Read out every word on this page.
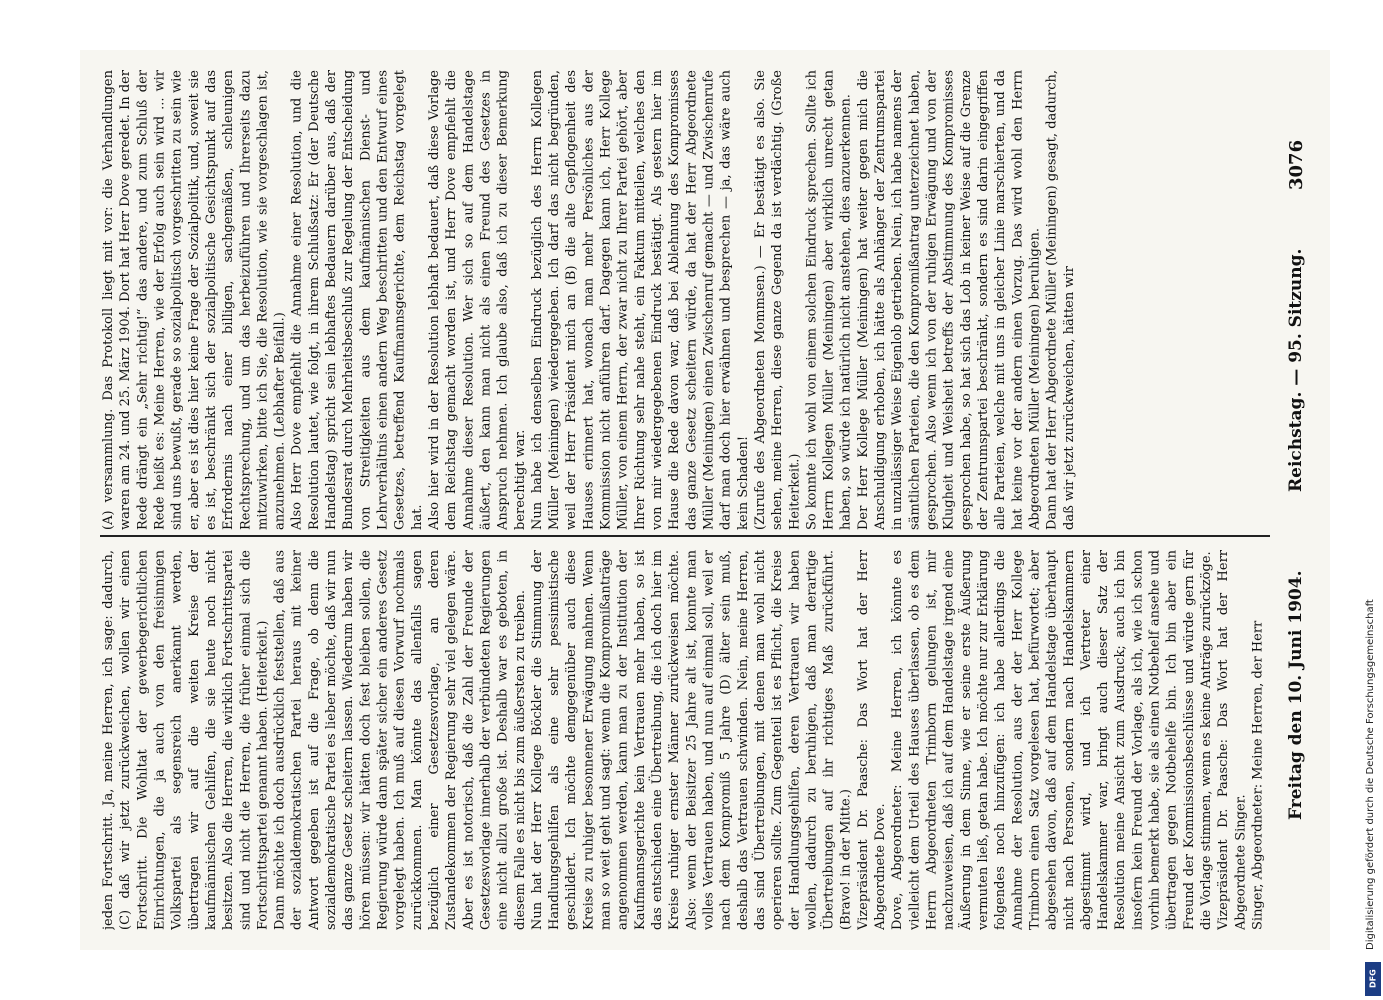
3076
Reichstag. — 95. Sitzung.
Freitag den 10. Juni 1904.
(A) versammlung. Das Protokoll liegt mit vor: die Verhandlungen waren am 24. und 25. März 1904. Dort hat Herr Dove geredet. In der Rede drängt ein „Sehr richtig!“ das andere, und zum Schluß der Rede heißt es: Meine Herren, wie der Erfolg auch sein wird ... wir sind uns bewußt, gerade so sozialpolitisch vorgeschritten zu sein wie er, aber es ist dies hier keine Frage der Sozialpolitik, und, soweit sie es ist, beschränkt sich der sozialpolitische Gesichtspunkt auf das Erfordernis nach einer billigen, sachgemäßen, schleunigen Rechtsprechung, und um das herbeizuführen und Ihrerseits dazu mitzuwirken, bitte ich Sie, die Resolution, wie sie vorgeschlagen ist, anzunehmen. (Lebhafter Beifall.) Also Herr Dove empfiehlt die Annahme einer Resolution, und die Resolution lautet, wie folgt, in ihrem Schlußsatz: Er (der Deutsche Handelstag) spricht sein lebhaftes Bedauern darüber aus, daß der Bundesrat durch Mehrheitsbeschluß zur Regelung der Entscheidung von Streitigkeiten aus dem kaufmännischen Dienst- und Lehrverhältnis einen andern Weg beschritten und den Entwurf eines Gesetzes, betreffend Kaufmannsgerichte, dem Reichstag vorgelegt hat. Also hier wird in der Resolution lebhaft bedauert, daß diese Vorlage dem Reichstag gemacht worden ist, und Herr Dove empfiehlt die Annahme dieser Resolution. Wer sich so auf dem Handelstage äußert, den kann man nicht als einen Freund des Gesetzes in Anspruch nehmen. Ich glaube also, daß ich zu dieser Bemerkung berechtigt war. Nun habe ich denselben Eindruck bezüglich des Herrn Kollegen Müller (Meiningen) wiedergegeben. Ich darf das nicht begründen, weil der Herr Präsident mich an (B) die alte Gepflogenheit des Hauses erinnert hat, wonach man mehr Persönliches aus der Kommission nicht anführen darf. Dagegen kann ich, Herr Kollege Müller, von einem Herrn, der zwar nicht zu Ihrer Partei gehört, aber Ihrer Richtung sehr nahe steht, ein Faktum mitteilen, welches den von mir wiedergegebenen Eindruck bestätigt. Als gestern hier im Hause die Rede davon war, daß bei Ablehnung des Kompromisses das ganze Gesetz scheitern würde, da hat der Herr Abgeordnete Müller (Meiningen) einen Zwischenruf gemacht — und Zwischenrufe darf man doch hier erwähnen und besprechen — ja, das wäre auch kein Schaden! (Zurufe des Abgeordneten Mommsen.) — Er bestätigt es also. Sie sehen, meine Herren, diese ganze Gegend da ist verdächtig. (Große Heiterkeit.) So konnte ich wohl von einem solchen Eindruck sprechen. Sollte ich Herrn Kollegen Müller (Meiningen) aber wirklich unrecht getan haben, so würde ich natürlich nicht anstehen, dies anzuerkennen. Der Herr Kollege Müller (Meiningen) hat weiter gegen mich die Anschuldigung erhoben, ich hätte als Anhänger der Zentrumspartei in unzulässiger Weise Eigenlob getrieben. Nein, ich habe namens der sämtlichen Parteien, die den Kompromißantrag unterzeichnet haben, gesprochen. Also wenn ich von der ruhigen Erwägung und von der Klugheit und Weisheit betreffs der Abstimmung des Kompromisses gesprochen habe, so hat sich das Lob in keiner Weise auf die Grenze der Zentrumspartei beschränkt, sondern es sind darin eingegriffen alle Parteien, welche mit uns in gleicher Linie marschierten, und da hat keine vor der andern einen Vorzug. Das wird wohl den Herrn Abgeordneten Müller (Meiningen) beruhigen. Dann hat der Herr Abgeordnete Müller (Meiningen) gesagt, dadurch, daß wir jetzt zurückweichen, hätten wir
jeden Fortschritt. Ja, meine Herren, ich sage: dadurch, (C) daß wir jetzt zurückweichen, wollen wir einen Fortschritt. Die Wohltat der gewerbegerichtlichen Einrichtungen, die ja auch von den freisinnigen Volkspartei als segensreich anerkannt werden, übertragen wir auf die weiten Kreise der kaufmännischen Gehilfen, die sie heute noch nicht besitzen. Also die Herren, die wirklich Fortschrittspartei sind und nicht die Herren, die früher einmal sich die Fortschrittspartei genannt haben. (Heiterkeit.) Dann möchte ich doch ausdrücklich feststellen, daß aus der sozialdemokratischen Partei heraus mit keiner Antwort gegeben ist auf die Frage, ob denn die sozialdemokratische Partei es lieber möchte, daß wir nun das ganze Gesetz scheitern lassen. Wiederum haben wir hören müssen: wir hätten doch fest bleiben sollen, die Regierung würde dann später sicher ein anderes Gesetz vorgelegt haben. Ich muß auf diesen Vorwurf nochmals zurückkommen. Man könnte das allenfalls sagen bezüglich einer Gesetzesvorlage, an deren Zustandekommen der Regierung sehr viel gelegen wäre. Aber es ist notorisch, daß die Zahl der Freunde der Gesetzesvorlage innerhalb der verbündeten Regierungen eine nicht allzu große ist. Deshalb war es geboten, in diesem Falle es nicht bis zum äußersten zu treiben. Nun hat der Herr Kollege Böckler die Stimmung der Handlungsgehilfen als eine sehr pessimistische geschildert. Ich möchte demgegenüber auch diese Kreise zu ruhiger besonnener Erwägung mahnen. Wenn man so weit geht und sagt: wenn die Kompromißanträge angenommen werden, kann man zu der Institution der Kaufmannsgerichte kein Vertrauen mehr haben, so ist das entschieden eine Übertreibung, die ich doch hier im Kreise ruhiger ernster Männer zurückweisen möchte. Also: wenn der Beisitzer 25 Jahre alt ist, konnte man volles Vertrauen haben, und nun auf einmal soll, weil er nach dem Kompromiß 5 Jahre (D) älter sein muß, deshalb das Vertrauen schwinden. Nein, meine Herren, das sind Übertreibungen, mit denen man wohl nicht operieren sollte. Zum Gegenteil ist es Pflicht, die Kreise der Handlungsgehilfen, deren Vertrauen wir haben wollen, dadurch zu beruhigen, daß man derartige Übertreibungen auf ihr richtiges Maß zurückführt. (Bravo! in der Mitte.) Vizepräsident Dr. Paasche: Das Wort hat der Herr Abgeordnete Dove. Dove, Abgeordneter: Meine Herren, ich könnte es vielleicht dem Urteil des Hauses überlassen, ob es dem Herrn Abgeordneten Trimborn gelungen ist, mir nachzuweisen, daß ich auf dem Handelstage irgend eine Äußerung in dem Sinne, wie er seine erste Äußerung vermuten ließ, getan habe. Ich möchte nur zur Erklärung folgendes noch hinzufügen: ich habe allerdings die Annahme der Resolution, aus der der Herr Kollege Trimborn einen Satz vorgelesen hat, befürwortet; aber abgesehen davon, daß auf dem Handelstage überhaupt nicht nach Personen, sondern nach Handelskammern abgestimmt wird, und ich Vertreter einer Handelskammer war, bringt auch dieser Satz der Resolution meine Ansicht zum Ausdruck; auch ich bin insofern kein Freund der Vorlage, als ich, wie ich schon vorhin bemerkt habe, sie als einen Notbehelf ansehe und übertragen gegen Notbehelfe bin. Ich bin aber ein Freund der Kommissionsbeschlüsse und würde gern für die Vorlage stimmen, wenn es keine Anträge zurückzöge. Vizepräsident Dr. Paasche: Das Wort hat der Herr Abgeordnete Singer. Singer, Abgeordneter: Meine Herren, der Herr	Digitalisierung gefördert durch die Deutsche Forschungsgemeinschaft
DFG
